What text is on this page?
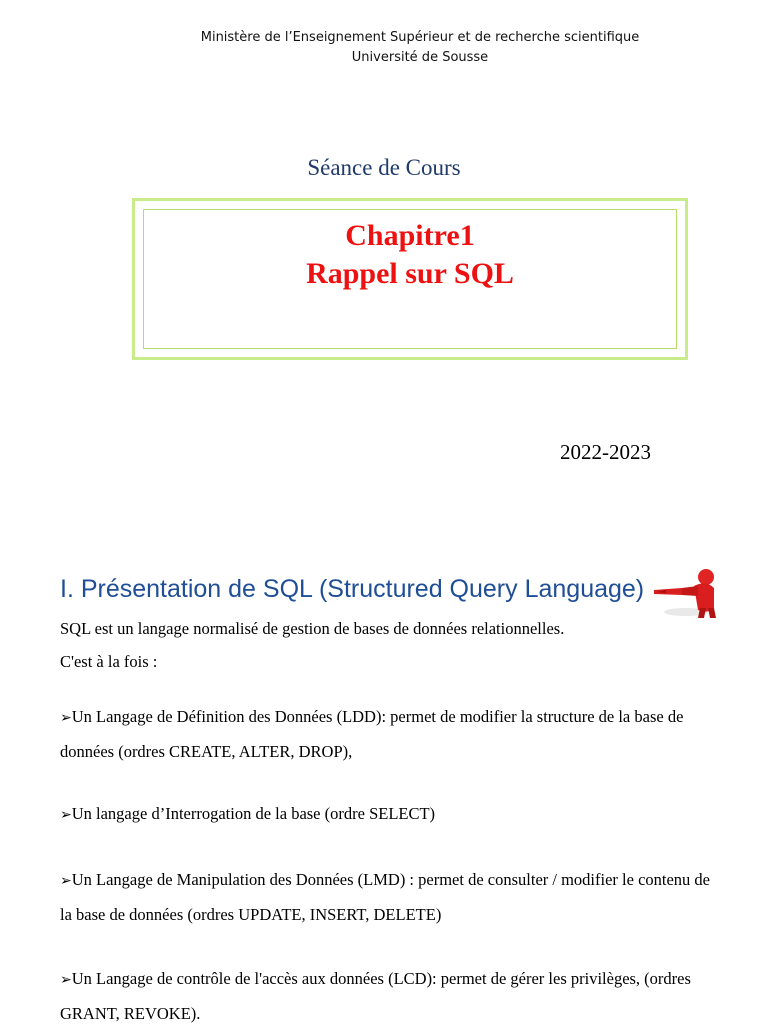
Ministère de l’Enseignement Supérieur et de recherche scientifique
Université de Sousse
Séance de Cours
Chapitre1
Rappel sur SQL
2022-2023
I. Présentation de SQL (Structured Query Language)
SQL est un langage normalisé de gestion de bases de données relationnelles.
C'est à la fois :
➢Un Langage de Définition des Données (LDD): permet de modifier la structure de la base de données (ordres CREATE, ALTER, DROP),
➢Un langage d’Interrogation de la base (ordre SELECT)
➢Un Langage de Manipulation des Données (LMD) : permet de consulter / modifier le contenu de la base de données (ordres UPDATE, INSERT, DELETE)
➢Un Langage de contrôle de l'accès aux données (LCD): permet de gérer les privilèges, (ordres GRANT, REVOKE).
